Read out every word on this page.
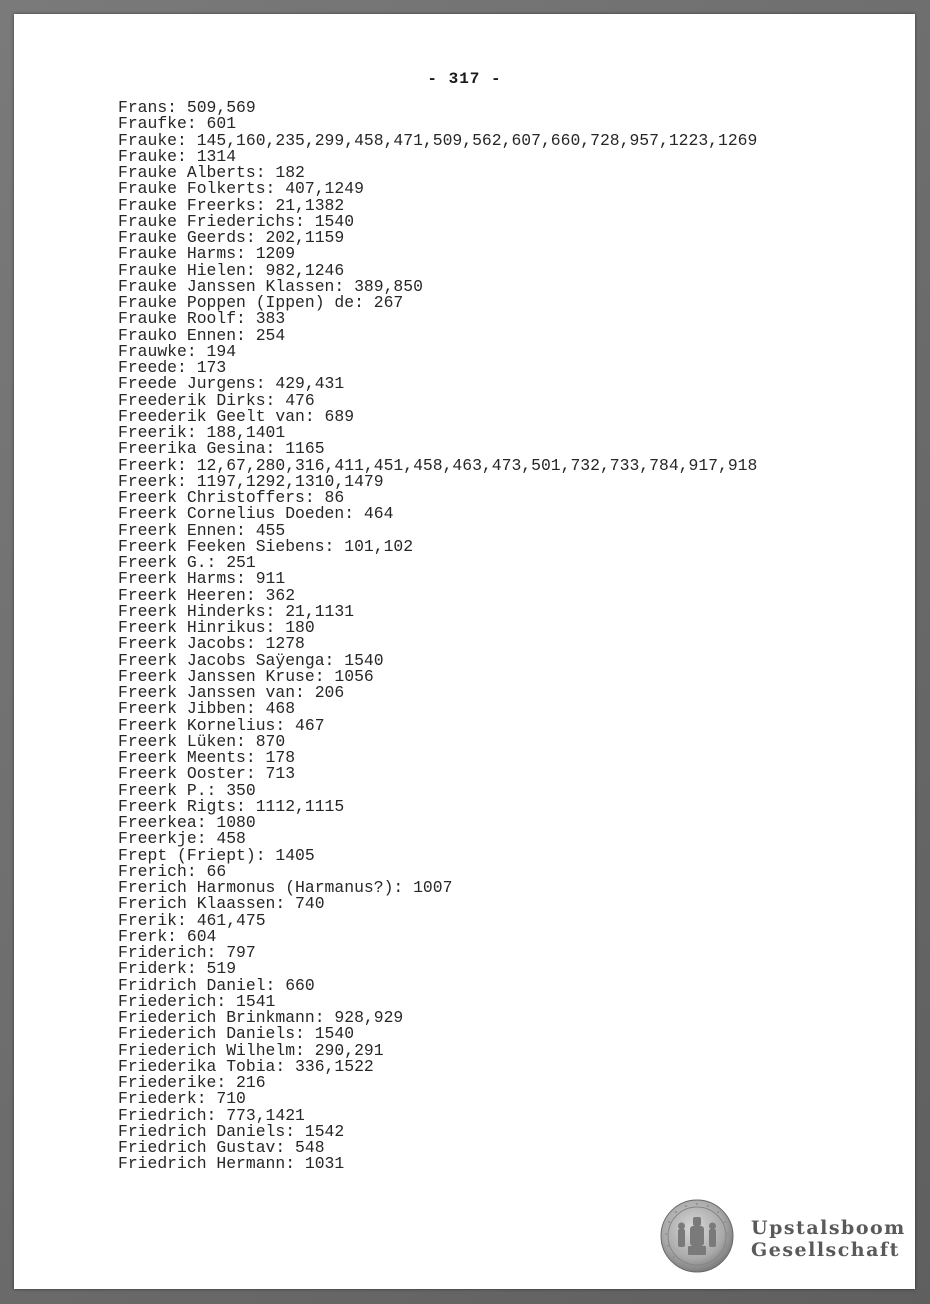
- 317 -
Frans: 509,569
Fraufke: 601
Frauke: 145,160,235,299,458,471,509,562,607,660,728,957,1223,1269
Frauke: 1314
Frauke Alberts: 182
Frauke Folkerts: 407,1249
Frauke Freerks: 21,1382
Frauke Friederichs: 1540
Frauke Geerds: 202,1159
Frauke Harms: 1209
Frauke Hielen: 982,1246
Frauke Janssen Klassen: 389,850
Frauke Poppen (Ippen) de: 267
Frauke Roolf: 383
Frauko Ennen: 254
Frauwke: 194
Freede: 173
Freede Jurgens: 429,431
Freederik Dirks: 476
Freederik Geelt van: 689
Freerik: 188,1401
Freerika Gesina: 1165
Freerk: 12,67,280,316,411,451,458,463,473,501,732,733,784,917,918
Freerk: 1197,1292,1310,1479
Freerk Christoffers: 86
Freerk Cornelius Doeden: 464
Freerk Ennen: 455
Freerk Feeken Siebens: 101,102
Freerk G.: 251
Freerk Harms: 911
Freerk Heeren: 362
Freerk Hinderks: 21,1131
Freerk Hinrikus: 180
Freerk Jacobs: 1278
Freerk Jacobs Saÿenga: 1540
Freerk Janssen Kruse: 1056
Freerk Janssen van: 206
Freerk Jibben: 468
Freerk Kornelius: 467
Freerk Lüken: 870
Freerk Meents: 178
Freerk Ooster: 713
Freerk P.: 350
Freerk Rigts: 1112,1115
Freerkea: 1080
Freerkje: 458
Frept (Friept): 1405
Frerich: 66
Frerich Harmonus (Harmanus?): 1007
Frerich Klaassen: 740
Frerik: 461,475
Frerk: 604
Friderich: 797
Friderk: 519
Fridrich Daniel: 660
Friederich: 1541
Friederich Brinkmann: 928,929
Friederich Daniels: 1540
Friederich Wilhelm: 290,291
Friederika Tobia: 336,1522
Friederike: 216
Friederk: 710
Friedrich: 773,1421
Friedrich Daniels: 1542
Friedrich Gustav: 548
Friedrich Hermann: 1031
Upstalsboom
Gesellschaft
